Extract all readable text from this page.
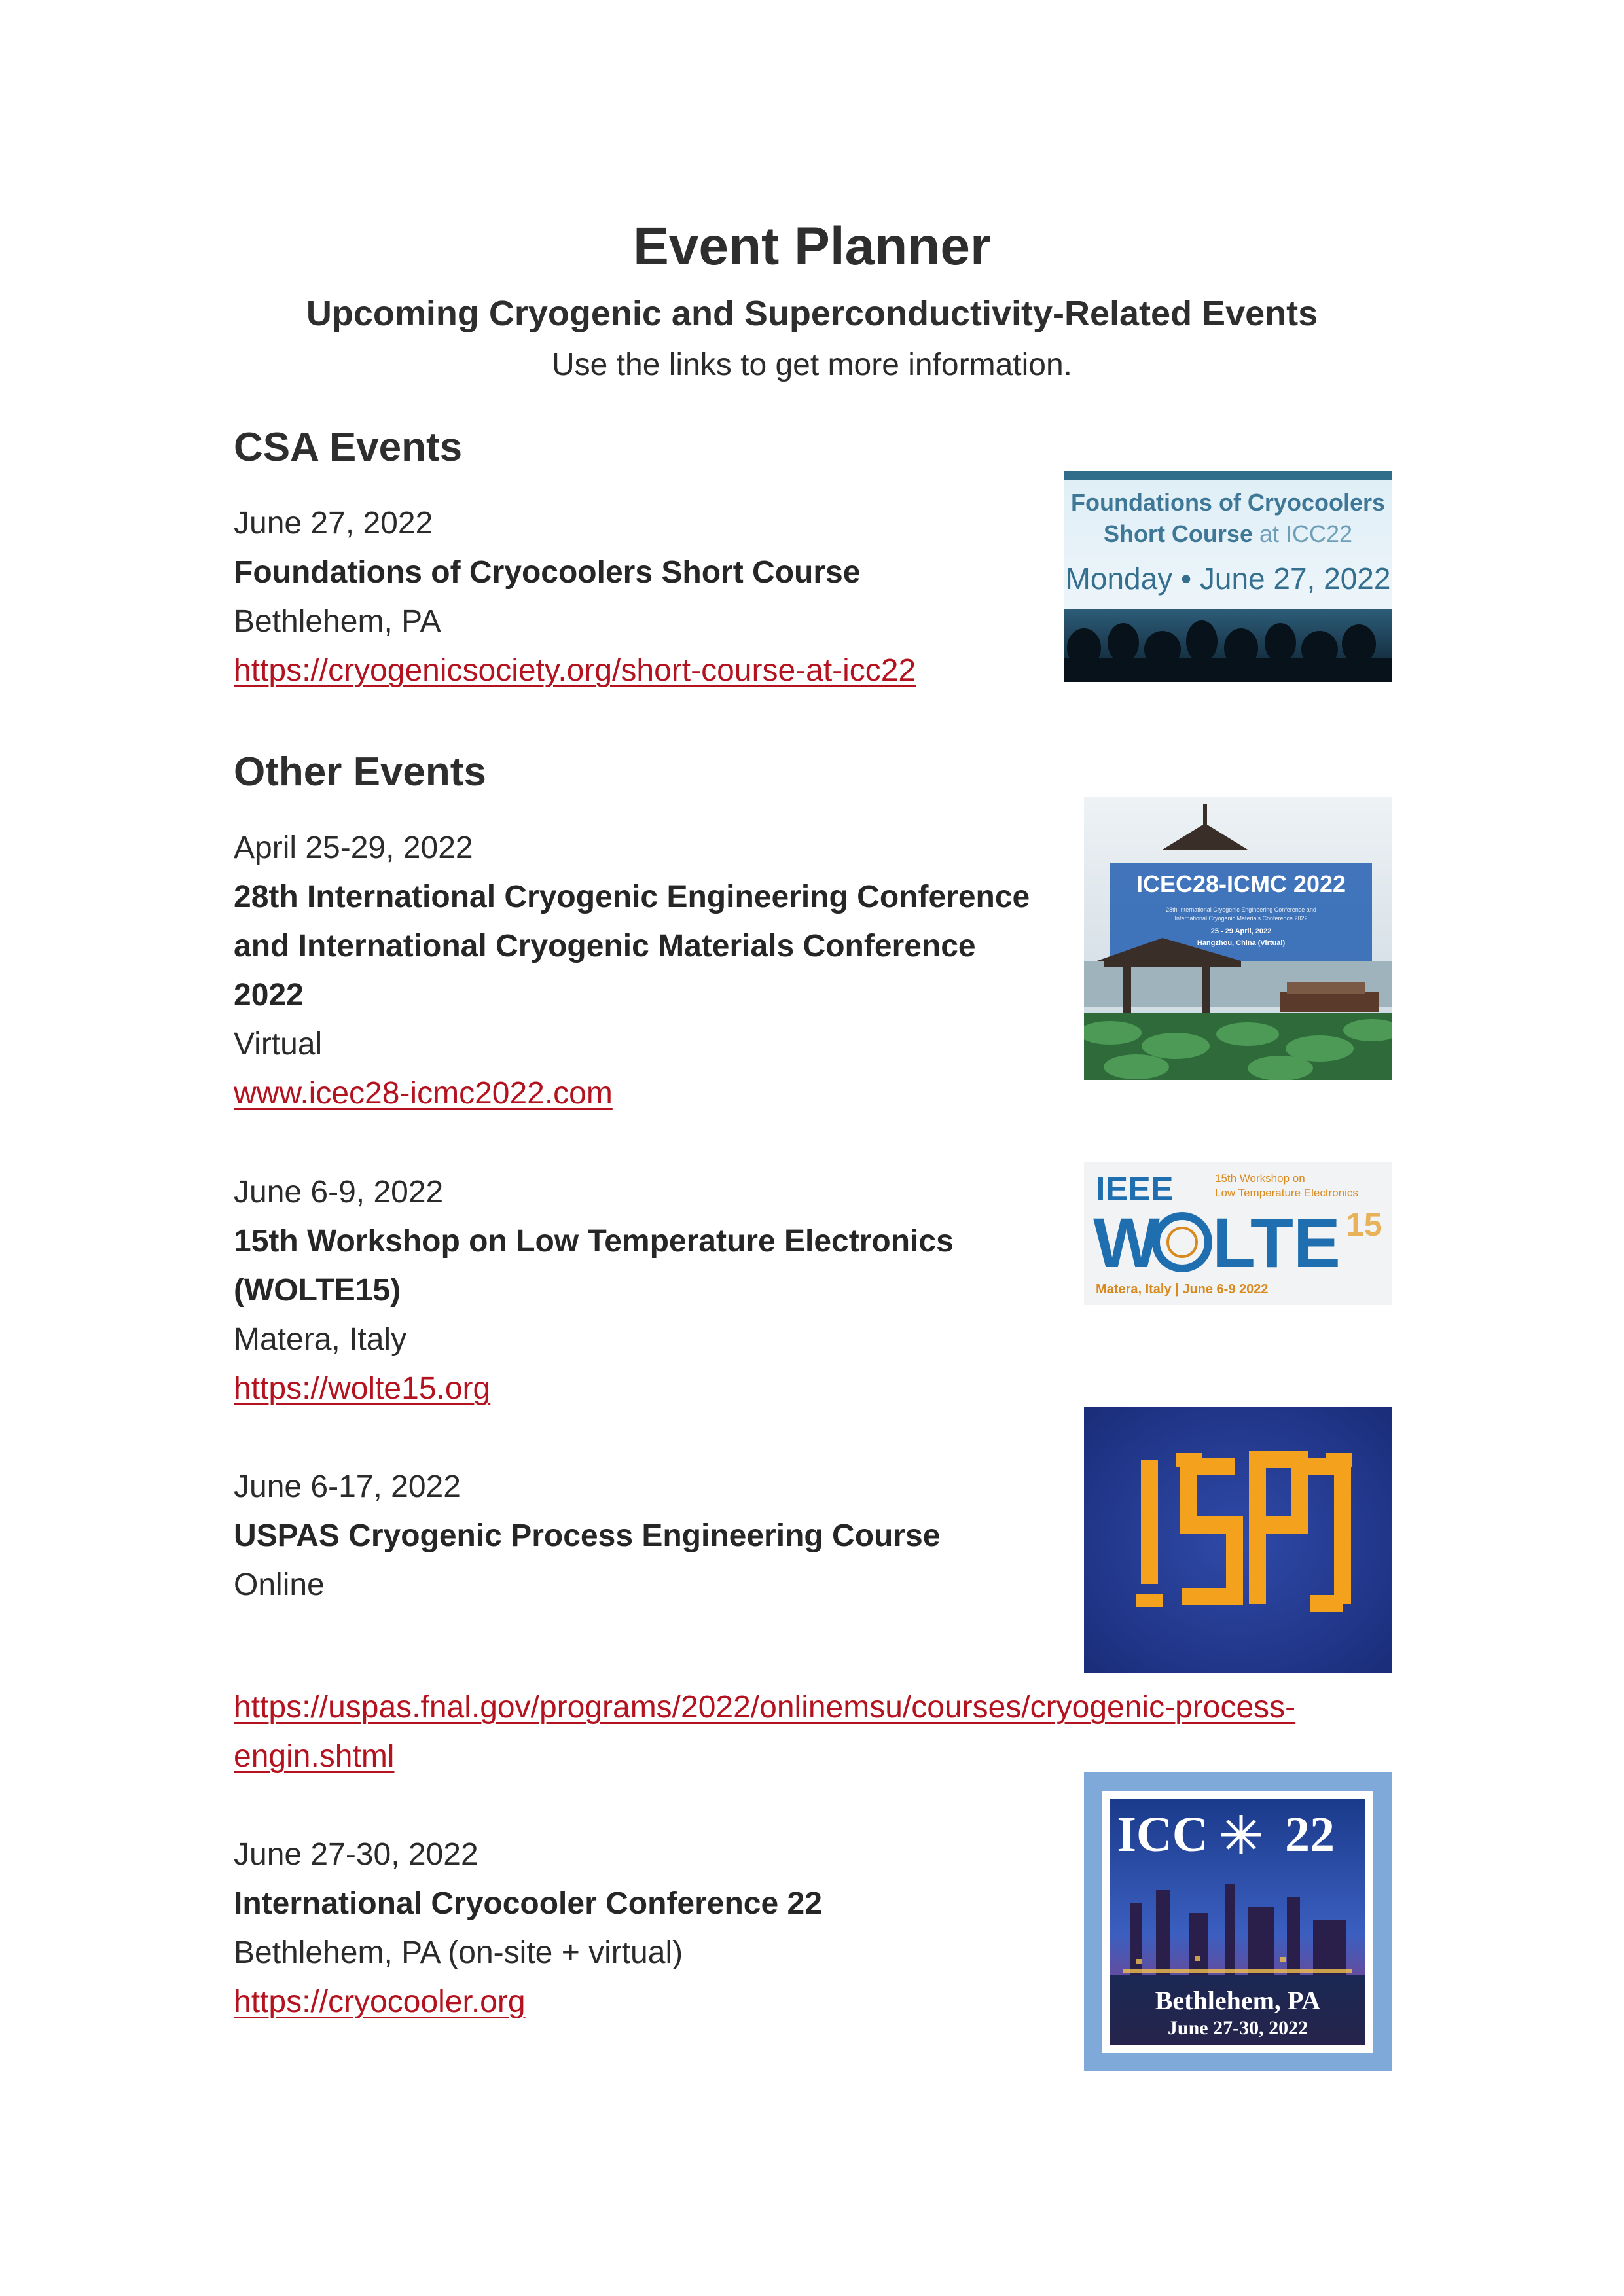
Event Planner
Upcoming Cryogenic and Superconductivity-Related Events
Use the links to get more information.
CSA Events
June 27, 2022
Foundations of Cryocoolers Short Course
Bethlehem, PA
https://cryogenicsociety.org/short-course-at-icc22
Foundations of Cryocoolers
Short Course at ICC22
Monday • June 27, 2022
Other Events
April 25-29, 2022
28th International Cryogenic Engineering Conference
and International Cryogenic Materials Conference
2022
Virtual
www.icec28-icmc2022.com
ICEC28-ICMC 2022
28th International Cryogenic Engineering Conference and
International Cryogenic Materials Conference 2022
25 - 29 April, 2022
Hangzhou, China (Virtual)
June 6-9, 2022
15th Workshop on Low Temperature Electronics
(WOLTE15)
Matera, Italy
https://wolte15.org
IEEE	15th Workshop on
Low Temperature Electronics
W LTE 15
Matera, Italy | June 6-9 2022
June 6-17, 2022
USPAS Cryogenic Process Engineering Course
Online
https://uspas.fnal.gov/programs/2022/onlinemsu/courses/cryogenic-process-
engin.shtml
June 27-30, 2022
International Cryocooler Conference 22
Bethlehem, PA (on-site + virtual)
https://cryocooler.org
ICC 22
Bethlehem, PA
June 27-30, 2022
